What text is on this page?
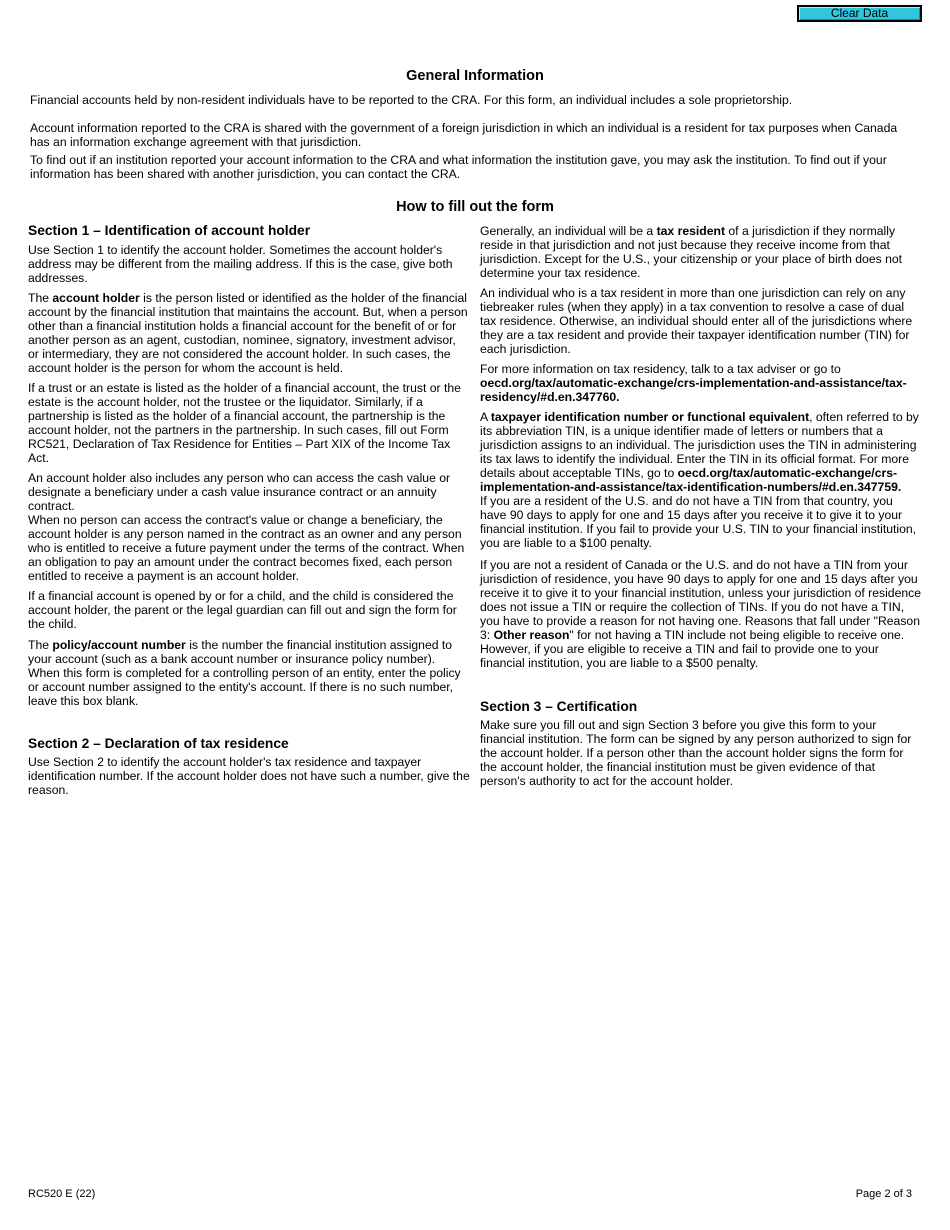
Clear Data
General Information

Financial accounts held by non-resident individuals have to be reported to the CRA. For this form, an individual includes a sole proprietorship.

Account information reported to the CRA is shared with the government of a foreign jurisdiction in which an individual is a resident for tax purposes when Canada has an information exchange agreement with that jurisdiction.

To find out if an institution reported your account information to the CRA and what information the institution gave, you may ask the institution. To find out if your information has been shared with another jurisdiction, you can contact the CRA.

How to fill out the form
Section 1 – Identification of account holder

Use Section 1 to identify the account holder. Sometimes the account holder's address may be different from the mailing address. If this is the case, give both addresses.

The account holder is the person listed or identified as the holder of the financial account by the financial institution that maintains the account. But, when a person other than a financial institution holds a financial account for the benefit of or for another person as an agent, custodian, nominee, signatory, investment advisor, or intermediary, they are not considered the account holder. In such cases, the account holder is the person for whom the account is held.

If a trust or an estate is listed as the holder of a financial account, the trust or the estate is the account holder, not the trustee or the liquidator. Similarly, if a partnership is listed as the holder of a financial account, the partnership is the account holder, not the partners in the partnership. In such cases, fill out Form RC521, Declaration of Tax Residence for Entities – Part XIX of the Income Tax Act.

An account holder also includes any person who can access the cash value or designate a beneficiary under a cash value insurance contract or an annuity contract.

When no person can access the contract's value or change a beneficiary, the account holder is any person named in the contract as an owner and any person who is entitled to receive a future payment under the terms of the contract. When an obligation to pay an amount under the contract becomes fixed, each person entitled to receive a payment is an account holder.

If a financial account is opened by or for a child, and the child is considered the account holder, the parent or the legal guardian can fill out and sign the form for the child.

The policy/account number is the number the financial institution assigned to your account (such as a bank account number or insurance policy number). When this form is completed for a controlling person of an entity, enter the policy or account number assigned to the entity's account. If there is no such number, leave this box blank.

Section 2 – Declaration of tax residence

Use Section 2 to identify the account holder's tax residence and taxpayer identification number. If the account holder does not have such a number, give the reason.

Generally, an individual will be a tax resident of a jurisdiction if they normally reside in that jurisdiction and not just because they receive income from that jurisdiction. Except for the U.S., your citizenship or your place of birth does not determine your tax residence.

An individual who is a tax resident in more than one jurisdiction can rely on any tiebreaker rules (when they apply) in a tax convention to resolve a case of dual tax residence. Otherwise, an individual should enter all of the jurisdictions where they are a tax resident and provide their taxpayer identification number (TIN) for each jurisdiction.

For more information on tax residency, talk to a tax adviser or go to oecd.org/tax/automatic-exchange/crs-implementation-and-assistance/tax-residency/#d.en.347760.

A taxpayer identification number or functional equivalent, often referred to by its abbreviation TIN, is a unique identifier made of letters or numbers that a jurisdiction assigns to an individual. The jurisdiction uses the TIN in administering its tax laws to identify the individual. Enter the TIN in its official format. For more details about acceptable TINs, go to oecd.org/tax/automatic-exchange/crs-implementation-and-assistance/tax-identification-numbers/#d.en.347759.

If you are a resident of the U.S. and do not have a TIN from that country, you have 90 days to apply for one and 15 days after you receive it to give it to your financial institution. If you fail to provide your U.S. TIN to your financial institution, you are liable to a $100 penalty.

If you are not a resident of Canada or the U.S. and do not have a TIN from your jurisdiction of residence, you have 90 days to apply for one and 15 days after you receive it to give it to your financial institution, unless your jurisdiction of residence does not issue a TIN or require the collection of TINs. If you do not have a TIN, you have to provide a reason for not having one. Reasons that fall under "Reason 3: Other reason" for not having a TIN include not being eligible to receive one. However, if you are eligible to receive a TIN and fail to provide one to your financial institution, you are liable to a $500 penalty.

Section 3 – Certification

Make sure you fill out and sign Section 3 before you give this form to your financial institution. The form can be signed by any person authorized to sign for the account holder. If a person other than the account holder signs the form for the account holder, the financial institution must be given evidence of that person's authority to act for the account holder.

RC520 E (22)	Page 2 of 3
